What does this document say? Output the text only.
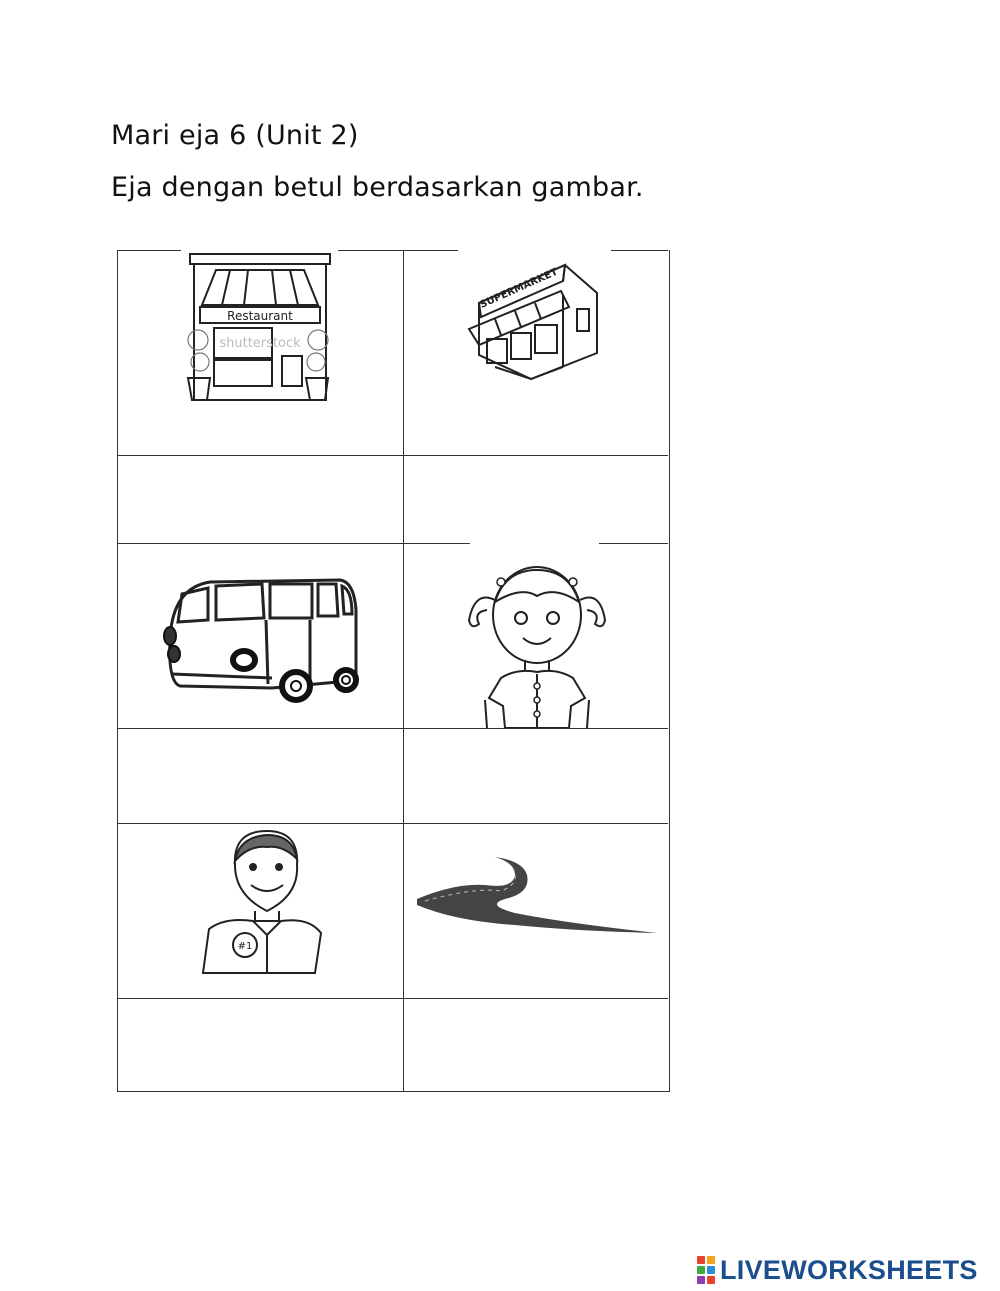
Mari eja 6 (Unit 2)
Eja dengan betul berdasarkan gambar.
Restaurant
shutterstock
SUPERMARKET
#1
LIVEWORKSHEETS
